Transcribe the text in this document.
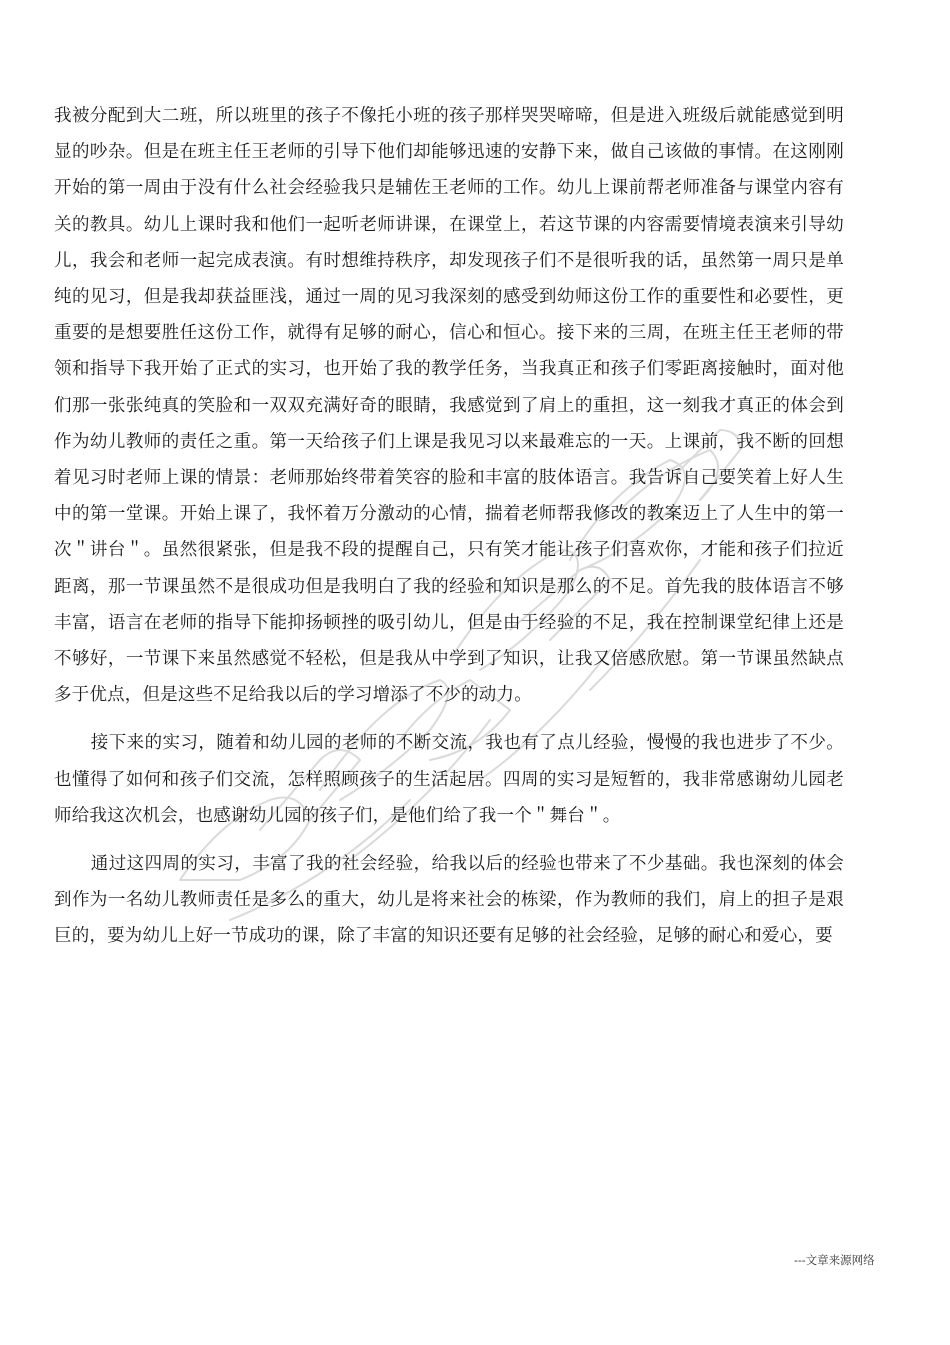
我被分配到大二班，所以班里的孩子不像托小班的孩子那样哭哭啼啼，但是进入班级后就能感觉到明显的吵杂。但是在班主任王老师的引导下他们却能够迅速的安静下来，做自己该做的事情。在这刚刚开始的第一周由于没有什么社会经验我只是辅佐王老师的工作。幼儿上课前帮老师准备与课堂内容有关的教具。幼儿上课时我和他们一起听老师讲课，在课堂上，若这节课的内容需要情境表演来引导幼儿，我会和老师一起完成表演。有时想维持秩序，却发现孩子们不是很听我的话，虽然第一周只是单纯的见习，但是我却获益匪浅，通过一周的见习我深刻的感受到幼师这份工作的重要性和必要性，更重要的是想要胜任这份工作，就得有足够的耐心，信心和恒心。接下来的三周，在班主任王老师的带领和指导下我开始了正式的实习，也开始了我的教学任务，当我真正和孩子们零距离接触时，面对他们那一张张纯真的笑脸和一双双充满好奇的眼睛，我感觉到了肩上的重担，这一刻我才真正的体会到作为幼儿教师的责任之重。第一天给孩子们上课是我见习以来最难忘的一天。上课前，我不断的回想着见习时老师上课的情景：老师那始终带着笑容的脸和丰富的肢体语言。我告诉自己要笑着上好人生中的第一堂课。开始上课了，我怀着万分激动的心情，揣着老师帮我修改的教案迈上了人生中的第一次＂讲台＂。虽然很紧张，但是我不段的提醒自己，只有笑才能让孩子们喜欢你，才能和孩子们拉近距离，那一节课虽然不是很成功但是我明白了我的经验和知识是那么的不足。首先我的肢体语言不够丰富，语言在老师的指导下能抑扬顿挫的吸引幼儿，但是由于经验的不足，我在控制课堂纪律上还是不够好，一节课下来虽然感觉不轻松，但是我从中学到了知识，让我又倍感欣慰。第一节课虽然缺点多于优点，但是这些不足给我以后的学习增添了不少的动力。

接下来的实习，随着和幼儿园的老师的不断交流，我也有了点儿经验，慢慢的我也进步了不少。也懂得了如何和孩子们交流，怎样照顾孩子的生活起居。四周的实习是短暂的，我非常感谢幼儿园老师给我这次机会，也感谢幼儿园的孩子们，是他们给了我一个＂舞台＂。

通过这四周的实习，丰富了我的社会经验，给我以后的经验也带来了不少基础。我也深刻的体会到作为一名幼儿教师责任是多么的重大，幼儿是将来社会的栋梁，作为教师的我们，肩上的担子是艰巨的，要为幼儿上好一节成功的课，除了丰富的知识还要有足够的社会经验，足够的耐心和爱心，要

---文章来源网络
